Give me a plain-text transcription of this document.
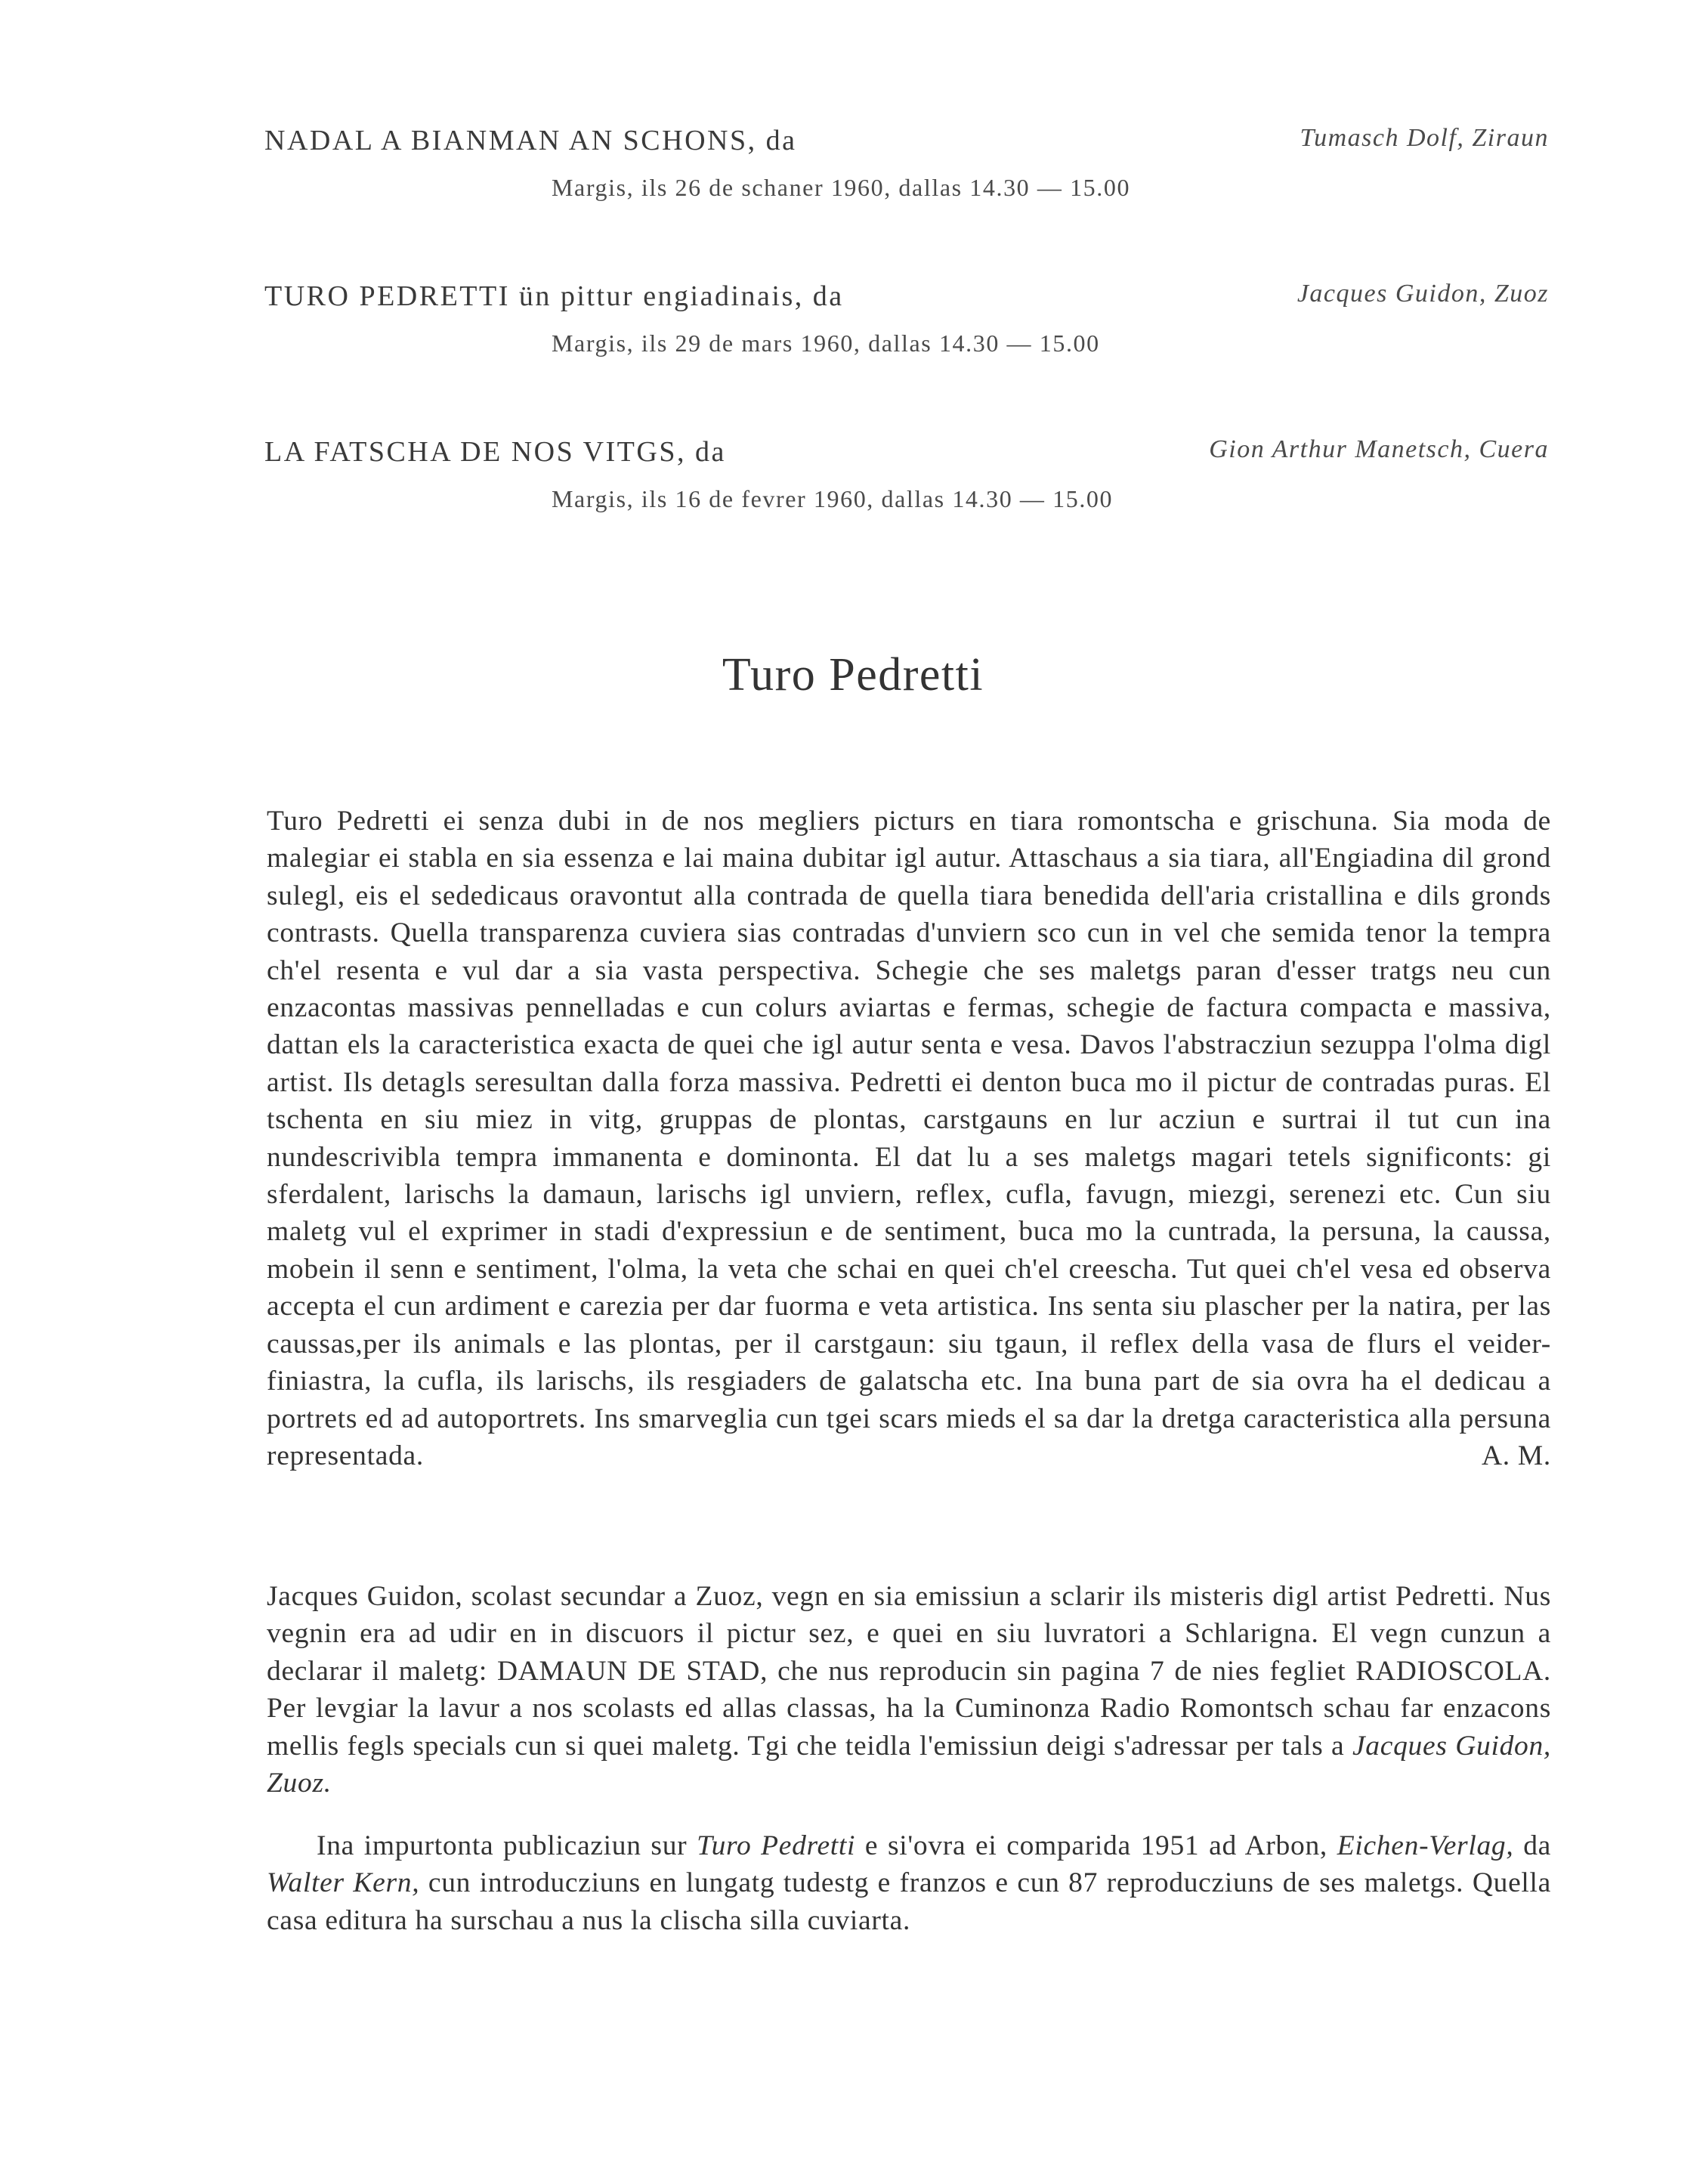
NADAL A BIANMAN AN SCHONS, da	Tumasch Dolf, Ziraun
Margis, ils 26 de schaner 1960, dallas 14.30 — 15.00
TURO PEDRETTI ün pittur engiadinais, da	Jacques Guidon, Zuoz
Margis, ils 29 de mars 1960, dallas 14.30 — 15.00
LA FATSCHA DE NOS VITGS, da	Gion Arthur Manetsch, Cuera
Margis, ils 16 de fevrer 1960, dallas 14.30 — 15.00
Turo Pedretti
Turo Pedretti ei senza dubi in de nos megliers picturs en tiara romontscha e grischuna. Sia moda de malegiar ei stabla en sia essenza e lai maina dubitar igl autur. Attaschaus a sia tiara, all'Engiadina dil grond sulegl, eis el sededicaus oravontut alla contrada de quella tiara benedida dell'aria cristallina e dils gronds contrasts. Quella transparenza cuviera sias contradas d'unviern sco cun in vel che semida tenor la tempra ch'el resenta e vul dar a sia vasta perspectiva. Schegie che ses maletgs paran d'esser tratgs neu cun enzacontas massivas pennelladas e cun colurs aviartas e fermas, schegie de factura compacta e massiva, dattan els la caracteristica exacta de quei che igl autur senta e vesa. Davos l'abstracziun sezuppa l'olma digl artist. Ils detagls seresultan dalla forza massiva. Pedretti ei denton buca mo il pictur de contradas puras. El tschenta en siu miez in vitg, gruppas de plontas, carstgauns en lur acziun e surtrai il tut cun ina nundescrivibla tempra immanenta e dominonta. El dat lu a ses maletgs magari tetels significonts: gi sferdalent, larischs la damaun, larischs igl unviern, reflex, cufla, favugn, miezgi, serenezi etc. Cun siu maletg vul el exprimer in stadi d'expressiun e de sentiment, buca mo la cuntrada, la persuna, la caussa, mobein il senn e sentiment, l'olma, la veta che schai en quei ch'el creescha. Tut quei ch'el vesa ed observa accepta el cun ardiment e carezia per dar fuorma e veta artistica. Ins senta siu plascher per la natira, per las caussas,per ils animals e las plontas, per il carstgaun: siu tgaun, il reflex della vasa de flurs el veider-finiastra, la cufla, ils larischs, ils resgiaders de galatscha etc. Ina buna part de sia ovra ha el dedicau a portrets ed ad autoportrets. Ins smarveglia cun tgei scars mieds el sa dar la dretga caracteristica alla persuna representada.	A. M.
Jacques Guidon, scolast secundar a Zuoz, vegn en sia emissiun a sclarir ils misteris digl artist Pedretti. Nus vegnin era ad udir en in discuors il pictur sez, e quei en siu luvratori a Schlarigna. El vegn cunzun a declarar il maletg: DAMAUN DE STAD, che nus reproducin sin pagina 7 de nies fegliet RADIOSCOLA. Per levgiar la lavur a nos scolasts ed allas classas, ha la Cuminonza Radio Romontsch schau far enzacons mellis fegls specials cun si quei maletg. Tgi che teidla l'emissiun deigi s'adressar per tals a Jacques Guidon, Zuoz.
Ina impurtonta publicaziun sur Turo Pedretti e si'ovra ei comparida 1951 ad Arbon, Eichen-Verlag, da Walter Kern, cun introducziuns en lungatg tudestg e franzos e cun 87 reproducziuns de ses maletgs. Quella casa editura ha surschau a nus la clischa silla cuviarta.
